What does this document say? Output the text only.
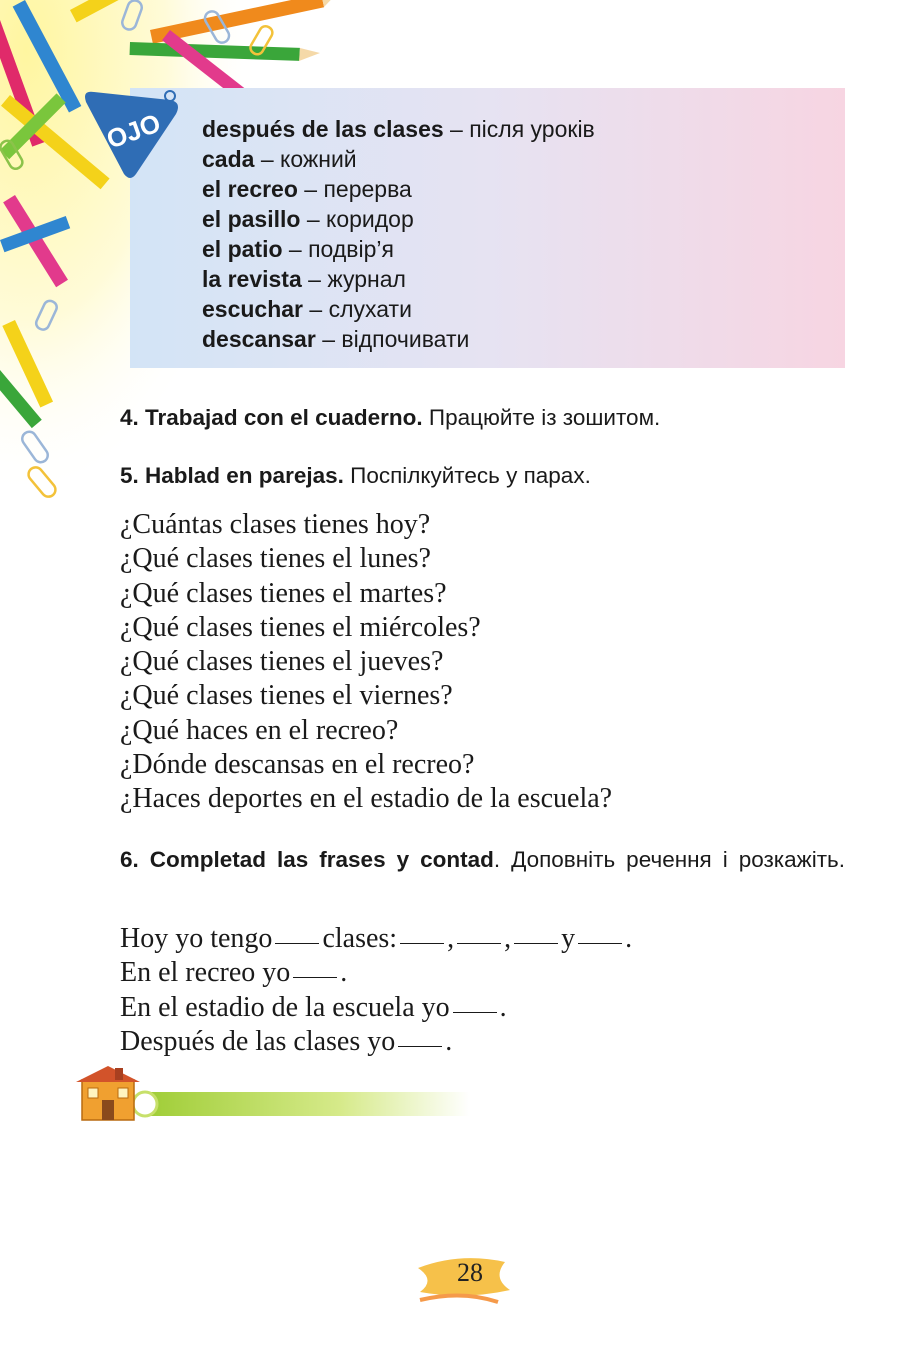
OJO después de las clases – після уроків
cada – кожний
el recreo – перерва
el pasillo – коридор
el patio – подвір’я
la revista – журнал
escuchar – слухати
descansar – відпочивати
4. Trabajad con el cuaderno. Працюйте із зошитом.
5. Hablad en parejas. Поспілкуйтесь у парах.
¿Cuántas clases tienes hoy?
¿Qué clases tienes el lunes?
¿Qué clases tienes el martes?
¿Qué clases tienes el miércoles?
¿Qué clases tienes el jueves?
¿Qué clases tienes el viernes?
¿Qué haces en el recreo?
¿Dónde descansas en el recreo?
¿Haces deportes en el estadio de la escuela?
6. Completad las frases y contad. Доповніть речення і розкажіть.
Hoy yo tengo clases: , , y .
En el recreo yo .
En el estadio de la escuela yo .
Después de las clases yo .
28
